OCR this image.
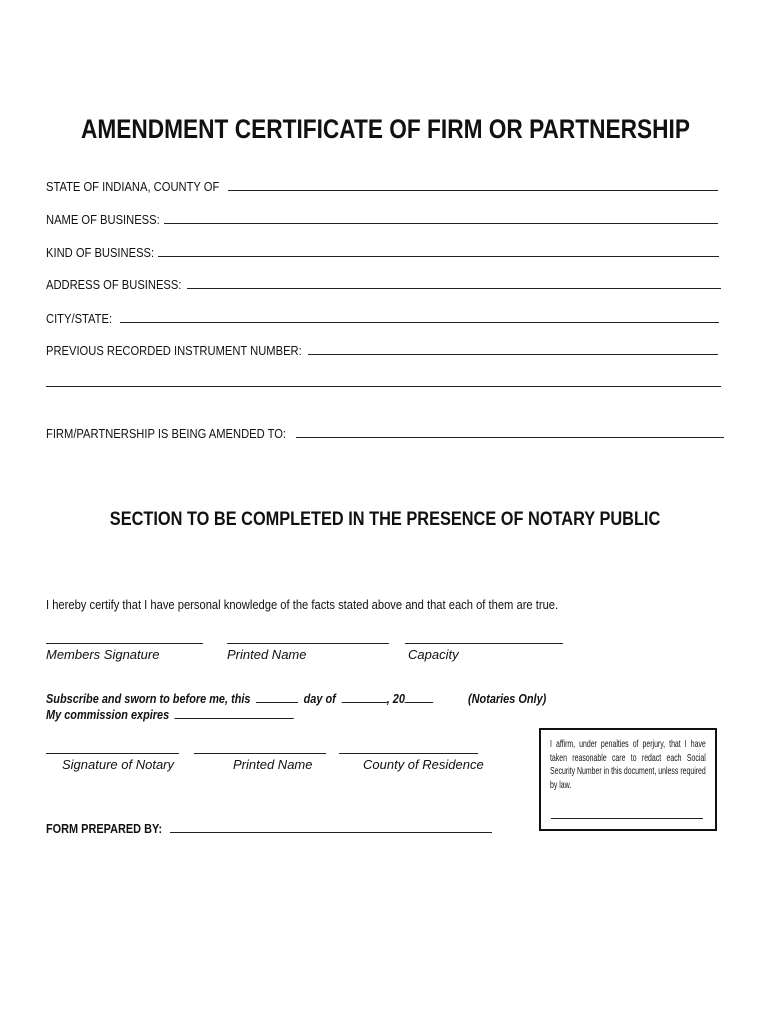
AMENDMENT CERTIFICATE OF FIRM OR PARTNERSHIP
STATE OF INDIANA, COUNTY OF
NAME OF BUSINESS:
KIND OF BUSINESS:
ADDRESS OF BUSINESS:
CITY/STATE:
PREVIOUS RECORDED INSTRUMENT NUMBER:
FIRM/PARTNERSHIP IS BEING AMENDED TO:
SECTION TO BE COMPLETED IN THE PRESENCE OF NOTARY PUBLIC
I hereby certify that I have personal knowledge of the facts stated above and that each of them are true.
Members Signature	Printed Name	Capacity
Subscribe and sworn to before me, this	day of	, 20	(Notaries Only)
My commission expires
Signature of Notary	Printed Name	County of Residence
I affirm, under penalties of perjury, that I have taken reasonable care to redact each Social Security Number in this document, unless required by law.
FORM PREPARED BY:
